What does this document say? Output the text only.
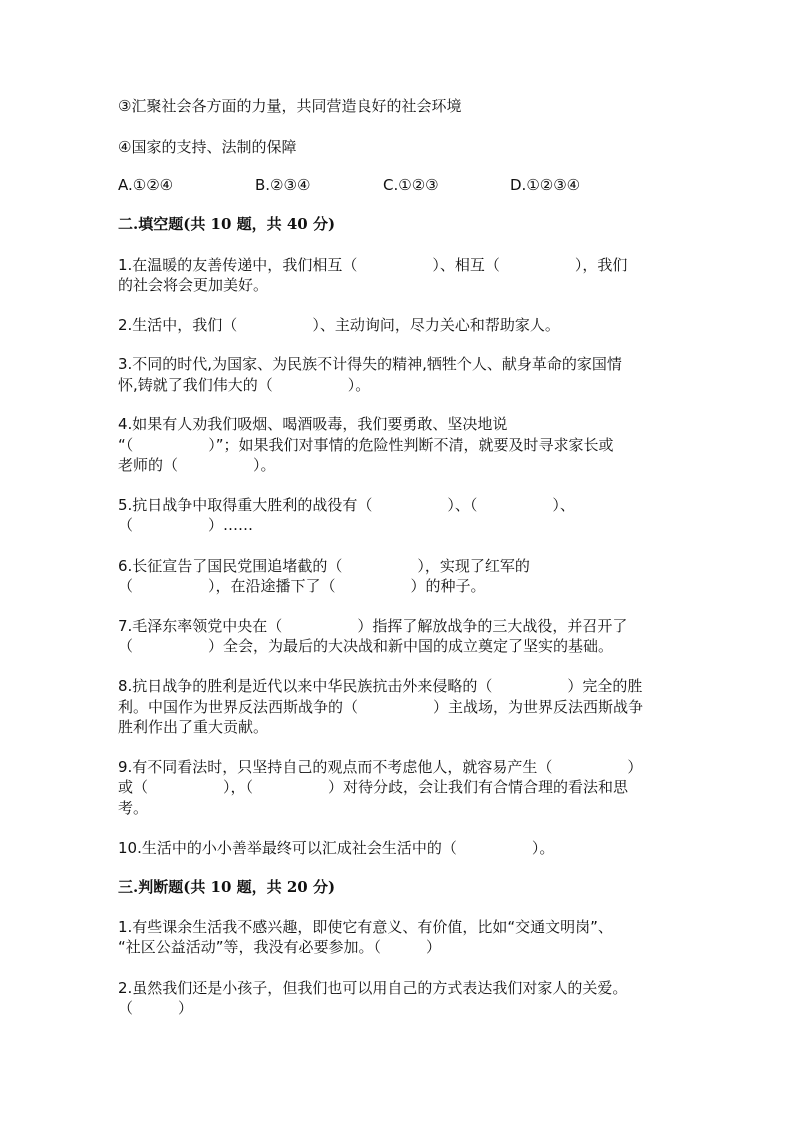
③汇聚社会各方面的力量，共同营造良好的社会环境
④国家的支持、法制的保障
A.①②④	B.②③④	C.①②③	D.①②③④
二.填空题(共 10 题，共 40 分)
1.在温暖的友善传递中，我们相互（　　　　　）、相互（　　　　　），我们
的社会将会更加美好。
2.生活中，我们（　　　　　）、主动询问，尽力关心和帮助家人。
3.不同的时代,为国家、为民族不计得失的精神,牺牲个人、献身革命的家国情
怀,铸就了我们伟大的（　　　　　）。
4.如果有人劝我们吸烟、喝酒吸毒，我们要勇敢、坚决地说
“（　　　　　）”；如果我们对事情的危险性判断不清，就要及时寻求家长或
老师的（　　　　　）。
5.抗日战争中取得重大胜利的战役有（　　　　　）、（　　　　　）、
（　　　　　）……
6.长征宣告了国民党围追堵截的（　　　　　），实现了红军的
（　　　　　），在沿途播下了（　　　　　）的种子。
7.毛泽东率领党中央在（　　　　　）指挥了解放战争的三大战役，并召开了
（　　　　　）全会，为最后的大决战和新中国的成立奠定了坚实的基础。
8.抗日战争的胜利是近代以来中华民族抗击外来侵略的（　　　　　）完全的胜
利。中国作为世界反法西斯战争的（　　　　　）主战场，为世界反法西斯战争
胜利作出了重大贡献。
9.有不同看法时，只坚持自己的观点而不考虑他人，就容易产生（　　　　　）
或（　　　　　），（　　　　　）对待分歧，会让我们有合情合理的看法和思
考。
10.生活中的小小善举最终可以汇成社会生活中的（　　　　　）。
三.判断题(共 10 题，共 20 分)
1.有些课余生活我不感兴趣，即使它有意义、有价值，比如“交通文明岗”、
“社区公益活动”等，我没有必要参加。（　　　）
2.虽然我们还是小孩子，但我们也可以用自己的方式表达我们对家人的关爱。
（　　　）
